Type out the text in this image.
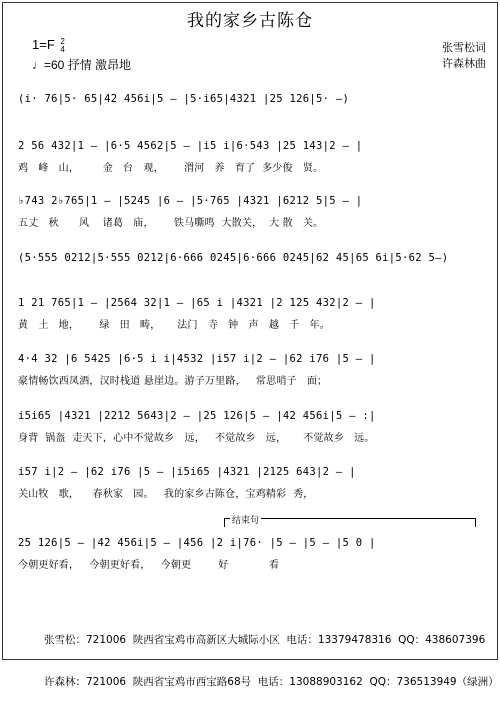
我的家乡古陈仓
1=F 2
4
♩=60 抒情 激昂地
张雪松词
许森林曲
(i· 76|5· 65|42 456i|5 – |5·i65|4321 |25 126|5· –)
2 56 432|1 – |6·5 4562|5 – |i5 i|6·543 |25 143|2 – |
鸡   峰   山，       金   台   观，      渭河   养   育了  多少俊   贤。
♭743 2♭765|1 – |5245 |6 – |5·765 |4321 |6212 5|5 – |
五丈   秋      风    诸葛   庙，      铁马嘶鸣  大散关，  大 散   关。
(5·555 0212|5·555 0212|6·666 0245|6·666 0245|62 45|65 6i|5·62 5–)
1 21 765|1 – |2564 32|1 – |65 i |4321 |2 125 432|2 – |
黄   土   地，      绿   田   畴，     法门   寺   钟   声   越   千   年。
4·4 32 |6 5425 |6·5 i i|4532 |i57 i|2 – |62 i76 |5 – |
豪情畅饮西凤酒，汉时栈道 悬崖边。游子万里路，   常思哨子   面；
i5i65 |4321 |2212 5643|2 – |25 126|5 – |42 456i|5 – :|
身背  锅盔  走天下，心中不觉故乡   远，   不觉故乡   远，     不觉故乡   远。
i57 i|2 – |62 i76 |5 – |i5i65 |4321 |2125 643|2 – |
关山牧   歌，    春秋家   园。   我的家乡古陈仓，宝鸡精彩  秀，
结束句
25 126|5 – |42 456i|5 – |456 |2 i|76· |5 – |5 – |5 0 |
今朝更好看，   今朝更好看，   今朝更        好            看

张雪松：721006  陕西省宝鸡市高新区大城际小区  电话：13379478316  QQ：438607396

许森林：721006  陕西省宝鸡市西宝路68号  电话：13088903162  QQ：736513949（绿洲）
